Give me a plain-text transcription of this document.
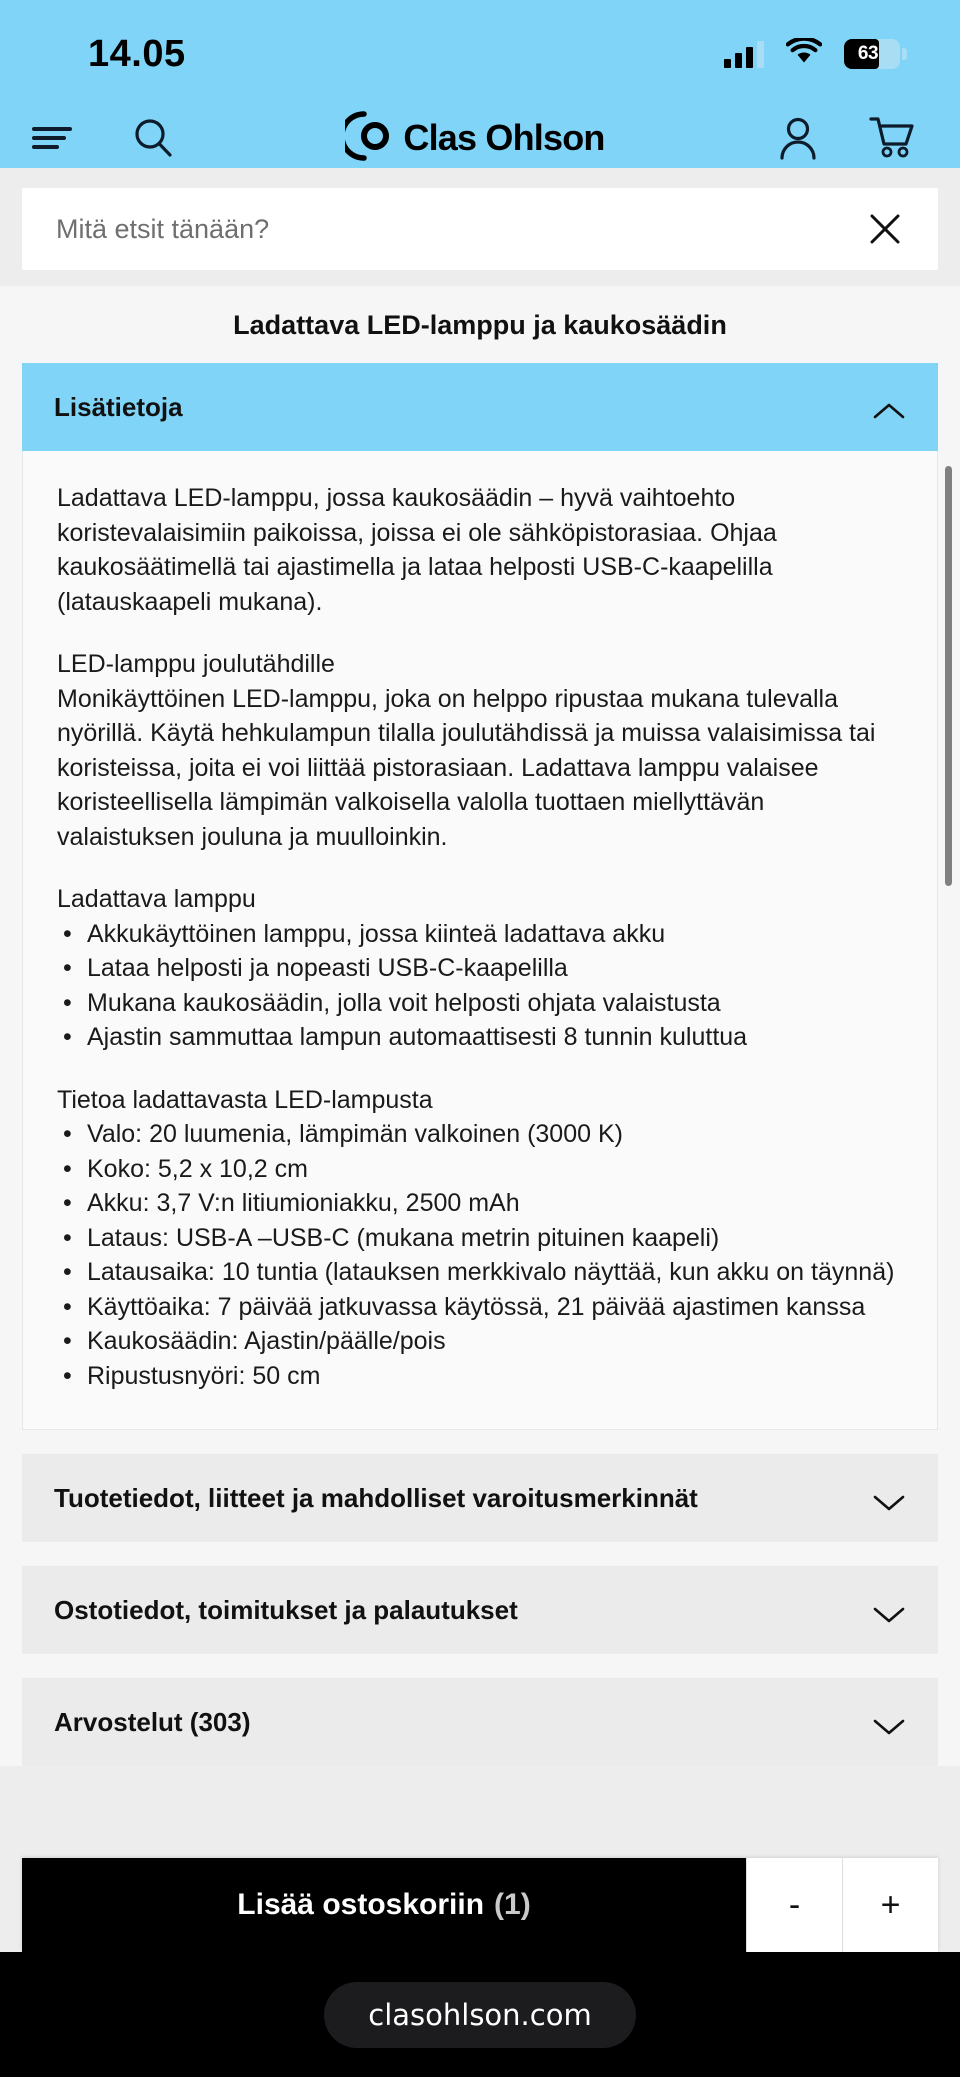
14.05	63
Clas Ohlson
Mitä etsit tänään?
Ladattava LED-lamppu ja kaukosäädin
Lisätietoja

Ladattava LED-lamppu, jossa kaukosäädin – hyvä vaihtoehto koristevalaisimiin paikoissa, joissa ei ole sähköpistorasiaa. Ohjaa kaukosäätimellä tai ajastimella ja lataa helposti USB-C-kaapelilla (latauskaapeli mukana).

LED-lamppu joulutähdille

Monikäyttöinen LED-lamppu, joka on helppo ripustaa mukana tulevalla nyörillä. Käytä hehkulampun tilalla joulutähdissä ja muissa valaisimissa tai koristeissa, joita ei voi liittää pistorasiaan. Ladattava lamppu valaisee koristeellisella lämpimän valkoisella valolla tuottaen miellyttävän valaistuksen jouluna ja muulloinkin.

Ladattava lamppu

• Akkukäyttöinen lamppu, jossa kiinteä ladattava akku
• Lataa helposti ja nopeasti USB-C-kaapelilla
• Mukana kaukosäädin, jolla voit helposti ohjata valaistusta
• Ajastin sammuttaa lampun automaattisesti 8 tunnin kuluttua

Tietoa ladattavasta LED-lampusta

• Valo: 20 luumenia, lämpimän valkoinen (3000 K)
• Koko: 5,2 x 10,2 cm
• Akku: 3,7 V:n litiumioniakku, 2500 mAh
• Lataus: USB-A –USB-C (mukana metrin pituinen kaapeli)
• Latausaika: 10 tuntia (latauksen merkkivalo näyttää, kun akku on täynnä)
• Käyttöaika: 7 päivää jatkuvassa käytössä, 21 päivää ajastimen kanssa
• Kaukosäädin: Ajastin/päälle/pois
• Ripustusnyöri: 50 cm
Tuotetiedot, liitteet ja mahdolliset varoitusmerkinnät
Ostotiedot, toimitukset ja palautukset
Arvostelut (303)
Lisää ostoskoriin (1)	-	+
clasohlson.com
